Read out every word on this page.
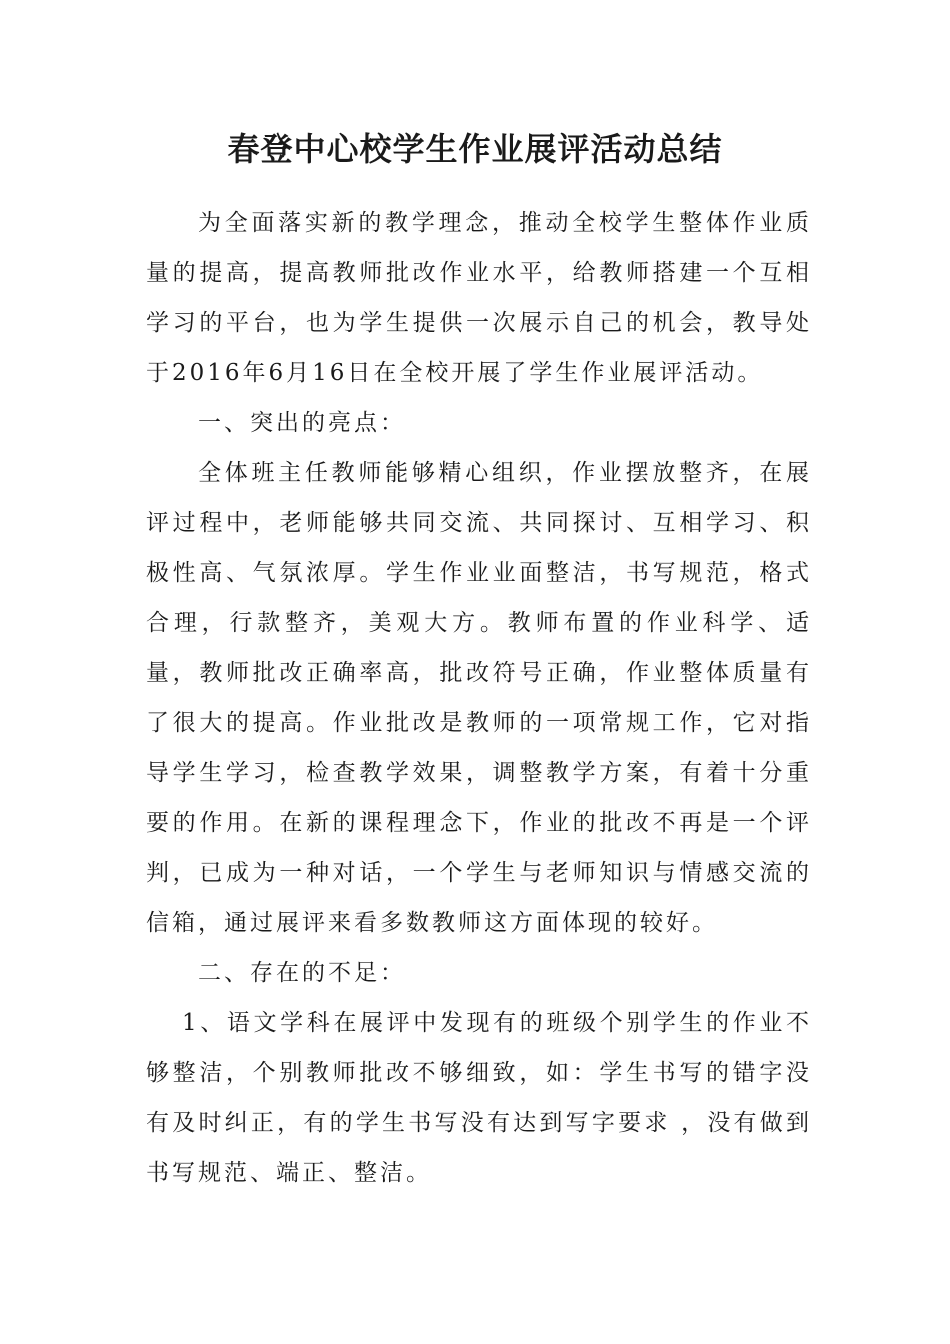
春登中心校学生作业展评活动总结

为全面落实新的教学理念，推动全校学生整体作业质量的提高，提高教师批改作业水平，给教师搭建一个互相学习的平台，也为学生提供一次展示自己的机会，教导处于2016年6月16日在全校开展了学生作业展评活动。

一、突出的亮点：

全体班主任教师能够精心组织，作业摆放整齐，在展评过程中，老师能够共同交流、共同探讨、互相学习、积极性高、气氛浓厚。学生作业业面整洁，书写规范，格式合理，行款整齐，美观大方。教师布置的作业科学、适量，教师批改正确率高，批改符号正确，作业整体质量有了很大的提高。作业批改是教师的一项常规工作，它对指导学生学习，检查教学效果，调整教学方案，有着十分重要的作用。在新的课程理念下，作业的批改不再是一个评判，已成为一种对话，一个学生与老师知识与情感交流的信箱，通过展评来看多数教师这方面体现的较好。

二、存在的不足：

1、语文学科在展评中发现有的班级个别学生的作业不够整洁，个别教师批改不够细致，如：学生书写的错字没有及时纠正，有的学生书写没有达到写字要求 ，没有做到书写规范、端正、整洁。
